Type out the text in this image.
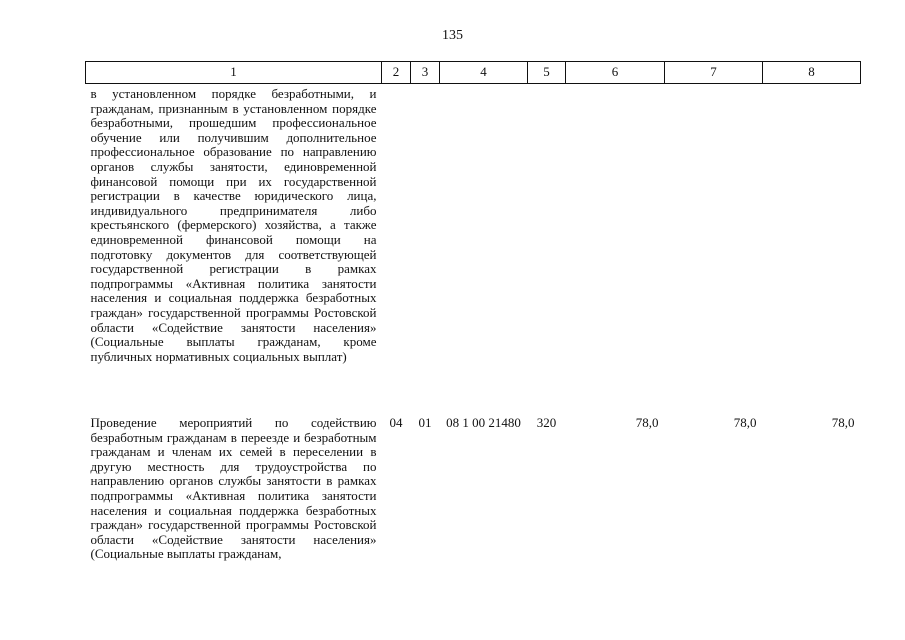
135
1	2	3	4	5	6	7	8
в установленном порядке безработными, и гражданам, признанным в установленном порядке безработными, прошедшим профессиональное обучение или получившим дополнительное профессиональное образование по направлению органов службы занятости, единовременной финансовой помощи при их государственной регистрации в качестве юридического лица, индивидуального предпринимателя либо крестьянского (фермерского) хозяйства, а также единовременной финансовой помощи на подготовку документов для соответствующей государственной регистрации в рамках подпрограммы «Активная политика занятости населения и социальная поддержка безработных граждан» государственной программы Ростовской области «Содействие занятости населения» (Социальные выплаты гражданам, кроме публичных нормативных социальных выплат)							
Проведение мероприятий по содействию безработным гражданам в переезде и безработным гражданам и членам их семей в переселении в другую местность для трудоустройства по направлению органов службы занятости в рамках подпрограммы «Активная политика занятости населения и социальная поддержка безработных граждан» государственной программы Ростовской области «Содействие занятости населения» (Социальные выплаты гражданам,	04	01	08 1 00 21480	320	78,0	78,0	78,0
